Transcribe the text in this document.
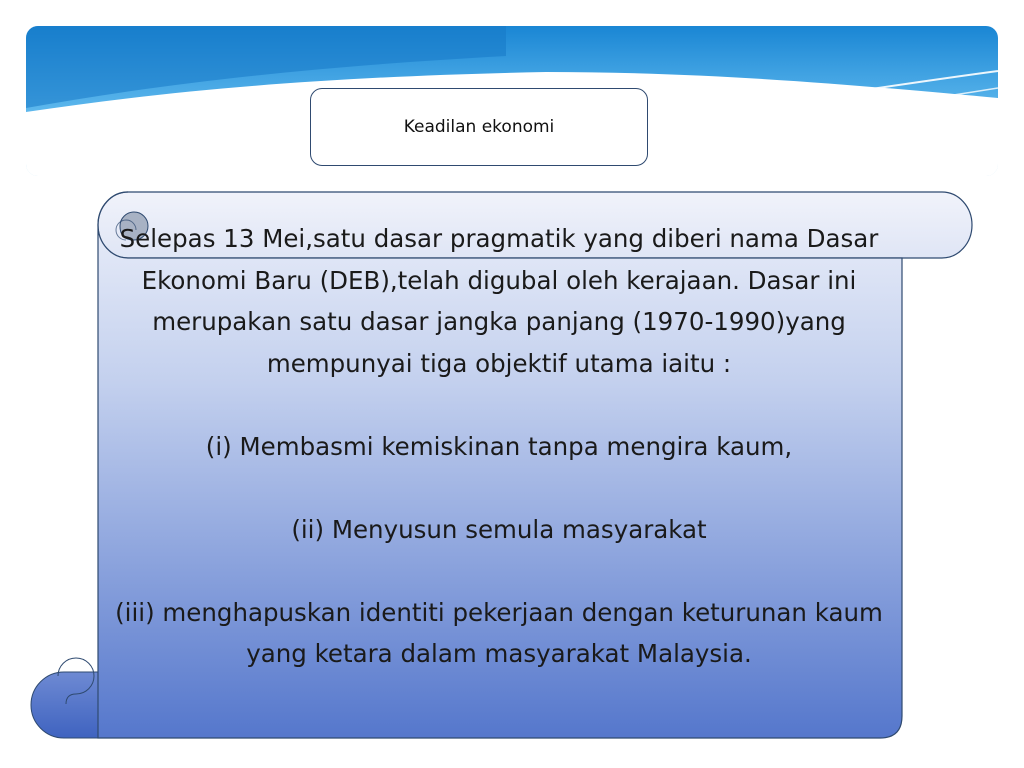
Keadilan ekonomi

Selepas 13 Mei,satu dasar pragmatik yang diberi nama Dasar Ekonomi Baru (DEB),telah digubal oleh kerajaan. Dasar ini merupakan satu dasar jangka panjang (1970-1990)yang mempunyai tiga objektif utama iaitu :

(i) Membasmi kemiskinan tanpa mengira kaum,

(ii) Menyusun semula masyarakat

(iii) menghapuskan identiti pekerjaan dengan keturunan kaum yang ketara dalam masyarakat Malaysia.
